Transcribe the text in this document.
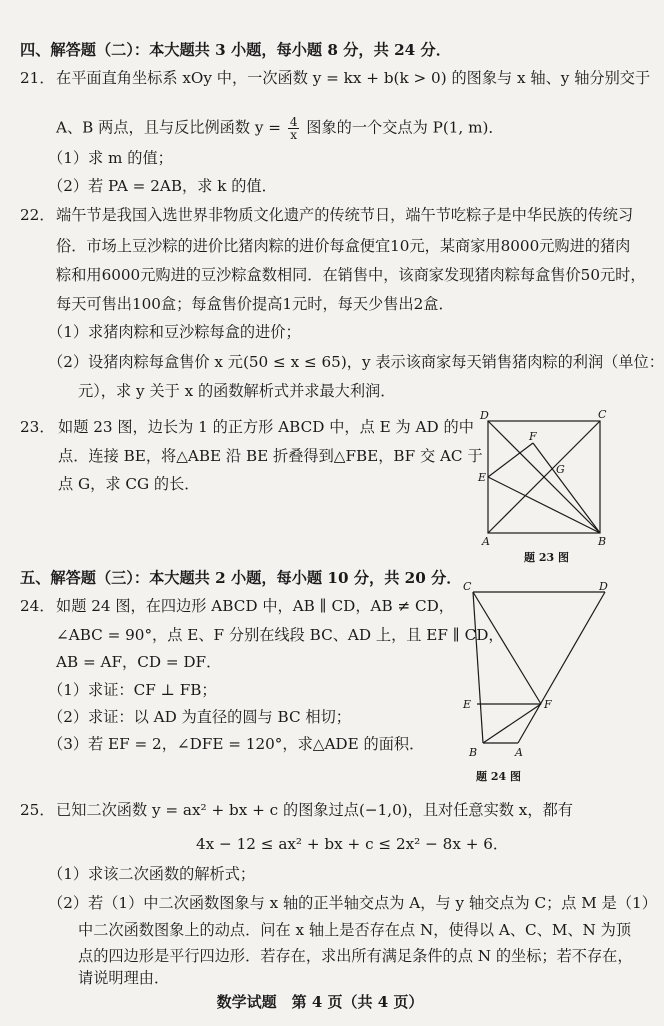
四、解答题（二）：本大题共 3 小题，每小题 8 分，共 24 分．
21． 在平面直角坐标系 xOy 中，一次函数 y = kx + b(k > 0) 的图象与 x 轴、y 轴分别交于
A、B 两点，且与反比例函数 $y = \frac{4}{x}$ 图象的一个交点为 P(1, m)．
（1）求 m 的值；
（2）若 PA = 2AB，求 k 的值．
22． 端午节是我国入选世界非物质文化遗产的传统节日，端午节吃粽子是中华民族的传统习
俗．市场上豆沙粽的进价比猪肉粽的进价每盒便宜10元，某商家用8000元购进的猪肉
粽和用6000元购进的豆沙粽盒数相同．在销售中，该商家发现猪肉粽每盒售价50元时，
每天可售出100盒；每盒售价提高1元时，每天少售出2盒．
（1）求猪肉粽和豆沙粽每盒的进价；
（2）设猪肉粽每盒售价 x 元(50 ≤ x ≤ 65)，y 表示该商家每天销售猪肉粽的利润（单位：
元），求 y 关于 x 的函数解析式并求最大利润．
23． 如题 23 图，边长为 1 的正方形 ABCD 中，点 E 为 AD 的中
点．连接 BE，将△ABE 沿 BE 折叠得到△FBE，BF 交 AC 于
点 G，求 CG 的长．
D	C
E
F
G
A	B
题 23 图
五、解答题（三）：本大题共 2 小题，每小题 10 分，共 20 分．
24． 如题 24 图，在四边形 ABCD 中，AB ∥ CD，AB ≠ CD，
∠ABC = 90°，点 E、F 分别在线段 BC、AD 上，且 EF ∥ CD，
AB = AF，CD = DF．
（1）求证：CF ⊥ FB；
（2）求证：以 AD 为直径的圆与 BC 相切；
（3）若 EF = 2，∠DFE = 120°，求△ADE 的面积．
C	D
E	F
B	A
题 24 图
25． 已知二次函数 y = ax² + bx + c 的图象过点(−1,0)，且对任意实数 x，都有
4x − 12 ≤ ax² + bx + c ≤ 2x² − 8x + 6．
（1）求该二次函数的解析式；
（2）若（1）中二次函数图象与 x 轴的正半轴交点为 A，与 y 轴交点为 C；点 M 是（1）
中二次函数图象上的动点．问在 x 轴上是否存在点 N，使得以 A、C、M、N 为顶
点的四边形是平行四边形．若存在，求出所有满足条件的点 N 的坐标；若不存在，
请说明理由．
数学试题　第 4 页（共 4 页）
